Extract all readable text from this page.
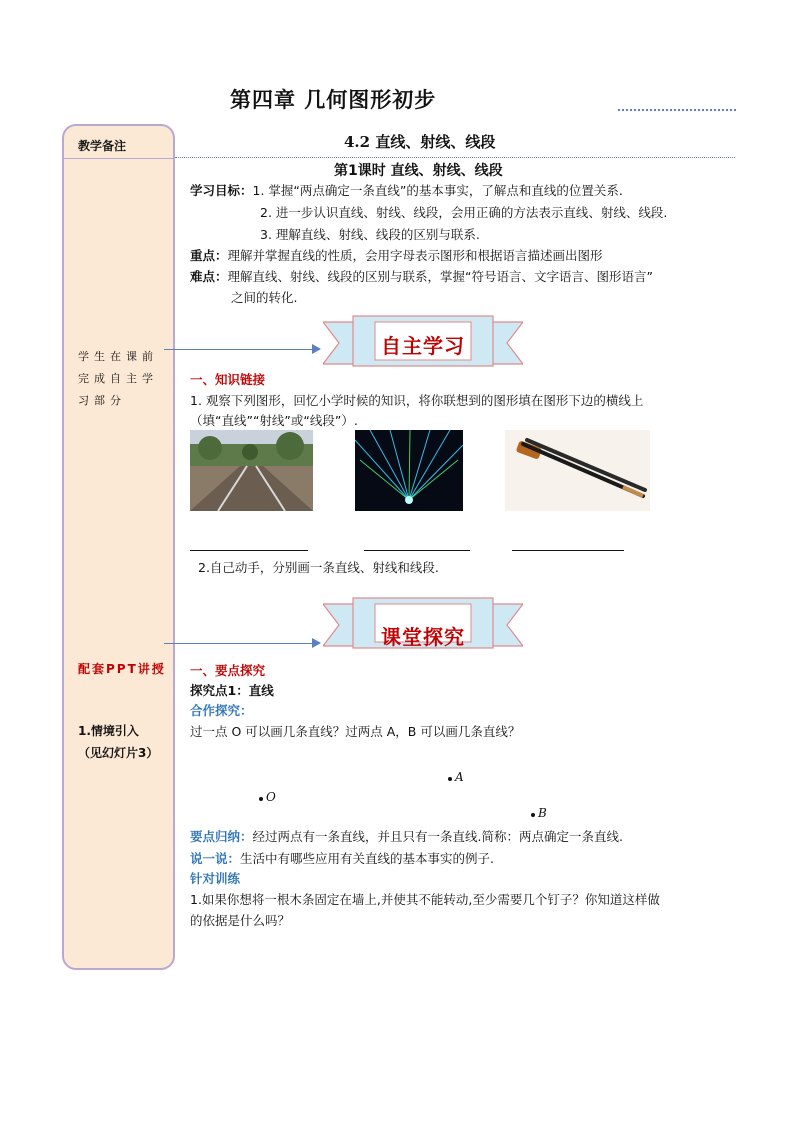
第四章 几何图形初步
教学备注
学生在课前完成自主学习部分
配套PPT讲授
1.情境引入
（见幻灯片3）
4.2 直线、射线、线段
第1课时 直线、射线、线段
学习目标：1. 掌握“两点确定一条直线”的基本事实，了解点和直线的位置关系.
2. 进一步认识直线、射线、线段，会用正确的方法表示直线、射线、线段.
3. 理解直线、射线、线段的区别与联系.
重点：理解并掌握直线的性质，会用字母表示图形和根据语言描述画出图形
难点：理解直线、射线、线段的区别与联系，掌握“符号语言、文字语言、图形语言”
之间的转化.
自主学习
一、知识链接
1. 观察下列图形，回忆小学时候的知识，将你联想到的图形填在图形下边的横线上
（填“直线”“射线”或“线段”）.
2.自己动手，分别画一条直线、射线和线段.
课堂探究
一、要点探究
探究点1：直线
合作探究：
过一点 O 可以画几条直线？过两点 A，B 可以画几条直线？
A
O
B
要点归纳：经过两点有一条直线，并且只有一条直线.简称：两点确定一条直线.
说一说：生活中有哪些应用有关直线的基本事实的例子.
针对训练
1.如果你想将一根木条固定在墙上,并使其不能转动,至少需要几个钉子？你知道这样做
的依据是什么吗？
